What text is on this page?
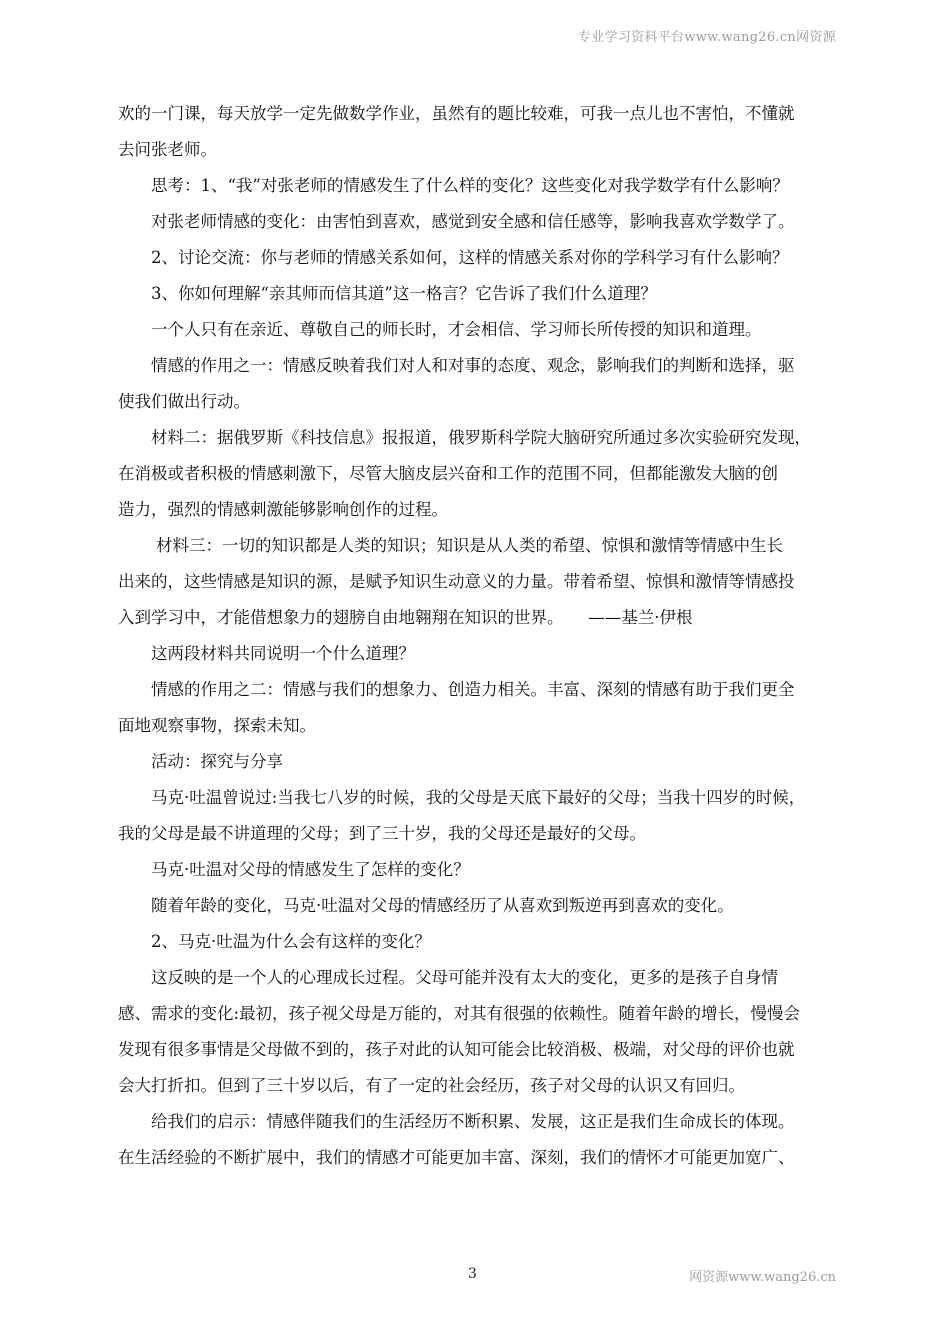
专业学习资料平台www.wang26.cn网资源

欢的一门课，每天放学一定先做数学作业，虽然有的题比较难，可我一点儿也不害怕，不懂就

去问张老师。

思考：1、“我”对张老师的情感发生了什么样的变化？这些变化对我学数学有什么影响？

对张老师情感的变化：由害怕到喜欢，感觉到安全感和信任感等，影响我喜欢学数学了。

2、讨论交流：你与老师的情感关系如何，这样的情感关系对你的学科学习有什么影响？

3、你如何理解“亲其师而信其道”这一格言？它告诉了我们什么道理？

一个人只有在亲近、尊敬自己的师长时，才会相信、学习师长所传授的知识和道理。

情感的作用之一：情感反映着我们对人和对事的态度、观念，影响我们的判断和选择，驱

使我们做出行动。

材料二：据俄罗斯《科技信息》报报道，俄罗斯科学院大脑研究所通过多次实验研究发现，

在消极或者积极的情感刺激下，尽管大脑皮层兴奋和工作的范围不同，但都能激发大脑的创

造力，强烈的情感刺激能够影响创作的过程。

材料三：一切的知识都是人类的知识；知识是从人类的希望、惊惧和激情等情感中生长

出来的，这些情感是知识的源，是赋予知识生动意义的力量。带着希望、惊惧和激情等情感投

入到学习中，才能借想象力的翅膀自由地翱翔在知识的世界。　　——基兰·伊根

这两段材料共同说明一个什么道理？

情感的作用之二：情感与我们的想象力、创造力相关。丰富、深刻的情感有助于我们更全

面地观察事物，探索未知。

活动：探究与分享

马克·吐温曾说过:当我七八岁的时候，我的父母是天底下最好的父母；当我十四岁的时候，

我的父母是最不讲道理的父母；到了三十岁，我的父母还是最好的父母。

马克·吐温对父母的情感发生了怎样的变化？

随着年龄的变化，马克·吐温对父母的情感经历了从喜欢到叛逆再到喜欢的变化。

2、马克·吐温为什么会有这样的变化？

这反映的是一个人的心理成长过程。父母可能并没有太大的变化，更多的是孩子自身情

感、需求的变化:最初，孩子视父母是万能的，对其有很强的依赖性。随着年龄的增长，慢慢会

发现有很多事情是父母做不到的，孩子对此的认知可能会比较消极、极端，对父母的评价也就

会大打折扣。但到了三十岁以后，有了一定的社会经历，孩子对父母的认识又有回归。

给我们的启示：情感伴随我们的生活经历不断积累、发展，这正是我们生命成长的体现。

在生活经验的不断扩展中，我们的情感才可能更加丰富、深刻，我们的情怀才可能更加宽广、

3	网资源www.wang26.cn
